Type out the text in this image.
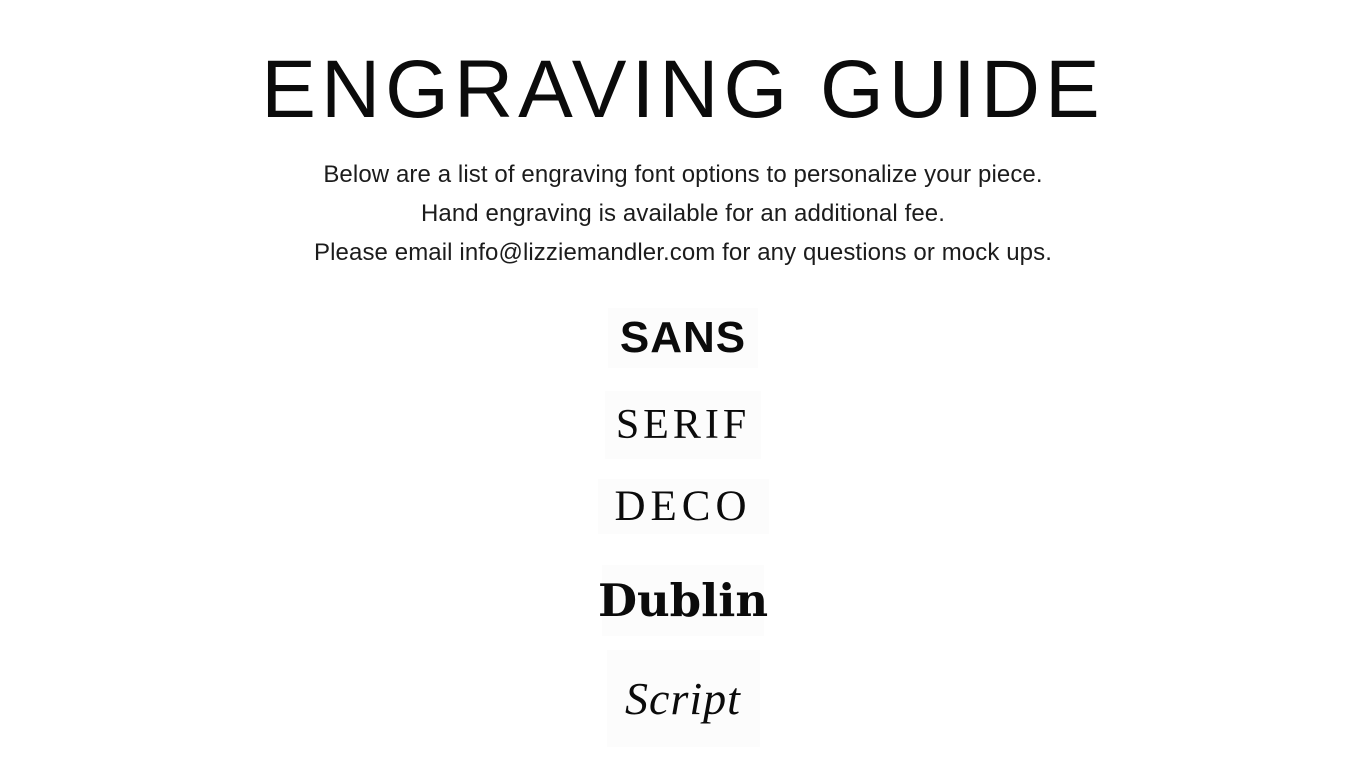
ENGRAVING GUIDE

Below are a list of engraving font options to personalize your piece.
Hand engraving is available for an additional fee.
Please email info@lizziemandler.com for any questions or mock ups.

SANS
SERIF
DECO
Dublin
Script
